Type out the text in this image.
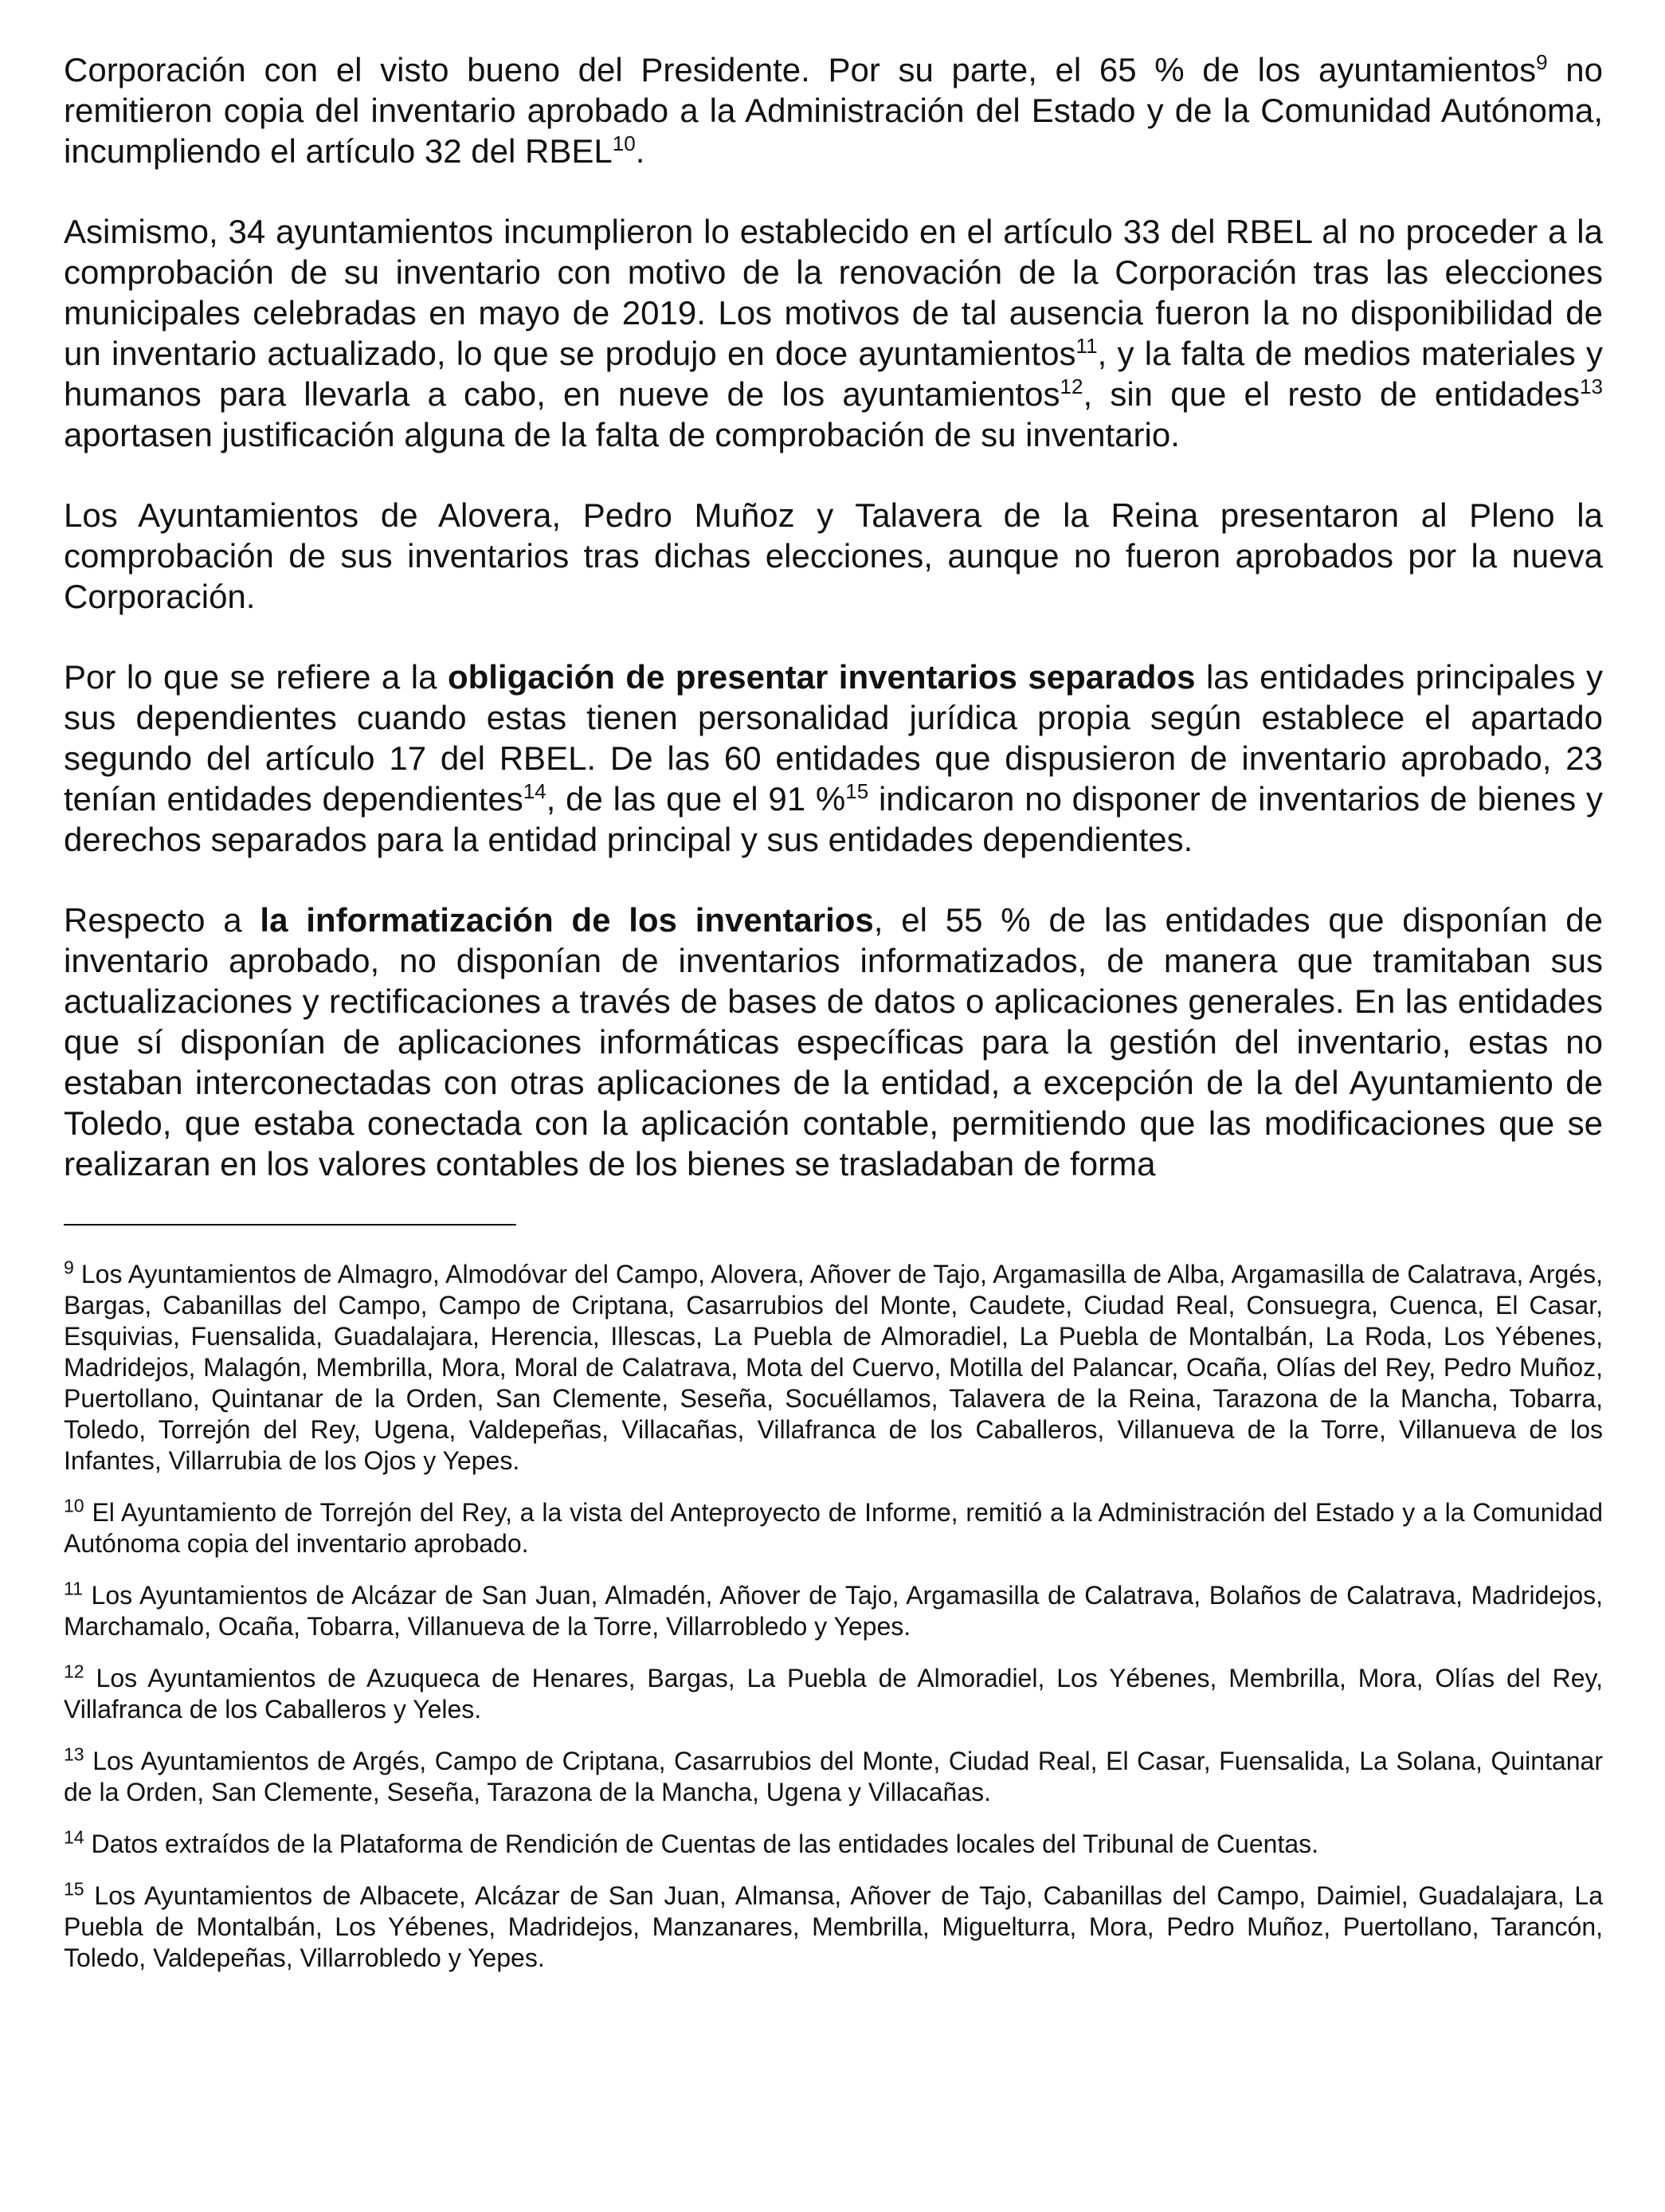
Corporación con el visto bueno del Presidente. Por su parte, el 65 % de los ayuntamientos$^9$ no remitieron copia del inventario aprobado a la Administración del Estado y de la Comunidad Autónoma, incumpliendo el artículo 32 del RBEL$^{10}$.

Asimismo, 34 ayuntamientos incumplieron lo establecido en el artículo 33 del RBEL al no proceder a la comprobación de su inventario con motivo de la renovación de la Corporación tras las elecciones municipales celebradas en mayo de 2019. Los motivos de tal ausencia fueron la no disponibilidad de un inventario actualizado, lo que se produjo en doce ayuntamientos$^{11}$, y la falta de medios materiales y humanos para llevarla a cabo, en nueve de los ayuntamientos$^{12}$, sin que el resto de entidades$^{13}$ aportasen justificación alguna de la falta de comprobación de su inventario.

Los Ayuntamientos de Alovera, Pedro Muñoz y Talavera de la Reina presentaron al Pleno la comprobación de sus inventarios tras dichas elecciones, aunque no fueron aprobados por la nueva Corporación.

Por lo que se refiere a la obligación de presentar inventarios separados las entidades principales y sus dependientes cuando estas tienen personalidad jurídica propia según establece el apartado segundo del artículo 17 del RBEL. De las 60 entidades que dispusieron de inventario aprobado, 23 tenían entidades dependientes$^{14}$, de las que el 91 %$^{15}$ indicaron no disponer de inventarios de bienes y derechos separados para la entidad principal y sus entidades dependientes.

Respecto a la informatización de los inventarios, el 55 % de las entidades que disponían de inventario aprobado, no disponían de inventarios informatizados, de manera que tramitaban sus actualizaciones y rectificaciones a través de bases de datos o aplicaciones generales. En las entidades que sí disponían de aplicaciones informáticas específicas para la gestión del inventario, estas no estaban interconectadas con otras aplicaciones de la entidad, a excepción de la del Ayuntamiento de Toledo, que estaba conectada con la aplicación contable, permitiendo que las modificaciones que se realizaran en los valores contables de los bienes se trasladaban de forma

$^9$ Los Ayuntamientos de Almagro, Almodóvar del Campo, Alovera, Añover de Tajo, Argamasilla de Alba, Argamasilla de Calatrava, Argés, Bargas, Cabanillas del Campo, Campo de Criptana, Casarrubios del Monte, Caudete, Ciudad Real, Consuegra, Cuenca, El Casar, Esquivias, Fuensalida, Guadalajara, Herencia, Illescas, La Puebla de Almoradiel, La Puebla de Montalbán, La Roda, Los Yébenes, Madridejos, Malagón, Membrilla, Mora, Moral de Calatrava, Mota del Cuervo, Motilla del Palancar, Ocaña, Olías del Rey, Pedro Muñoz, Puertollano, Quintanar de la Orden, San Clemente, Seseña, Socuéllamos, Talavera de la Reina, Tarazona de la Mancha, Tobarra, Toledo, Torrejón del Rey, Ugena, Valdepeñas, Villacañas, Villafranca de los Caballeros, Villanueva de la Torre, Villanueva de los Infantes, Villarrubia de los Ojos y Yepes.

$^{10}$ El Ayuntamiento de Torrejón del Rey, a la vista del Anteproyecto de Informe, remitió a la Administración del Estado y a la Comunidad Autónoma copia del inventario aprobado.

$^{11}$ Los Ayuntamientos de Alcázar de San Juan, Almadén, Añover de Tajo, Argamasilla de Calatrava, Bolaños de Calatrava, Madridejos, Marchamalo, Ocaña, Tobarra, Villanueva de la Torre, Villarrobledo y Yepes.

$^{12}$ Los Ayuntamientos de Azuqueca de Henares, Bargas, La Puebla de Almoradiel, Los Yébenes, Membrilla, Mora, Olías del Rey, Villafranca de los Caballeros y Yeles.

$^{13}$ Los Ayuntamientos de Argés, Campo de Criptana, Casarrubios del Monte, Ciudad Real, El Casar, Fuensalida, La Solana, Quintanar de la Orden, San Clemente, Seseña, Tarazona de la Mancha, Ugena y Villacañas.

$^{14}$ Datos extraídos de la Plataforma de Rendición de Cuentas de las entidades locales del Tribunal de Cuentas.

$^{15}$ Los Ayuntamientos de Albacete, Alcázar de San Juan, Almansa, Añover de Tajo, Cabanillas del Campo, Daimiel, Guadalajara, La Puebla de Montalbán, Los Yébenes, Madridejos, Manzanares, Membrilla, Miguelturra, Mora, Pedro Muñoz, Puertollano, Tarancón, Toledo, Valdepeñas, Villarrobledo y Yepes.
